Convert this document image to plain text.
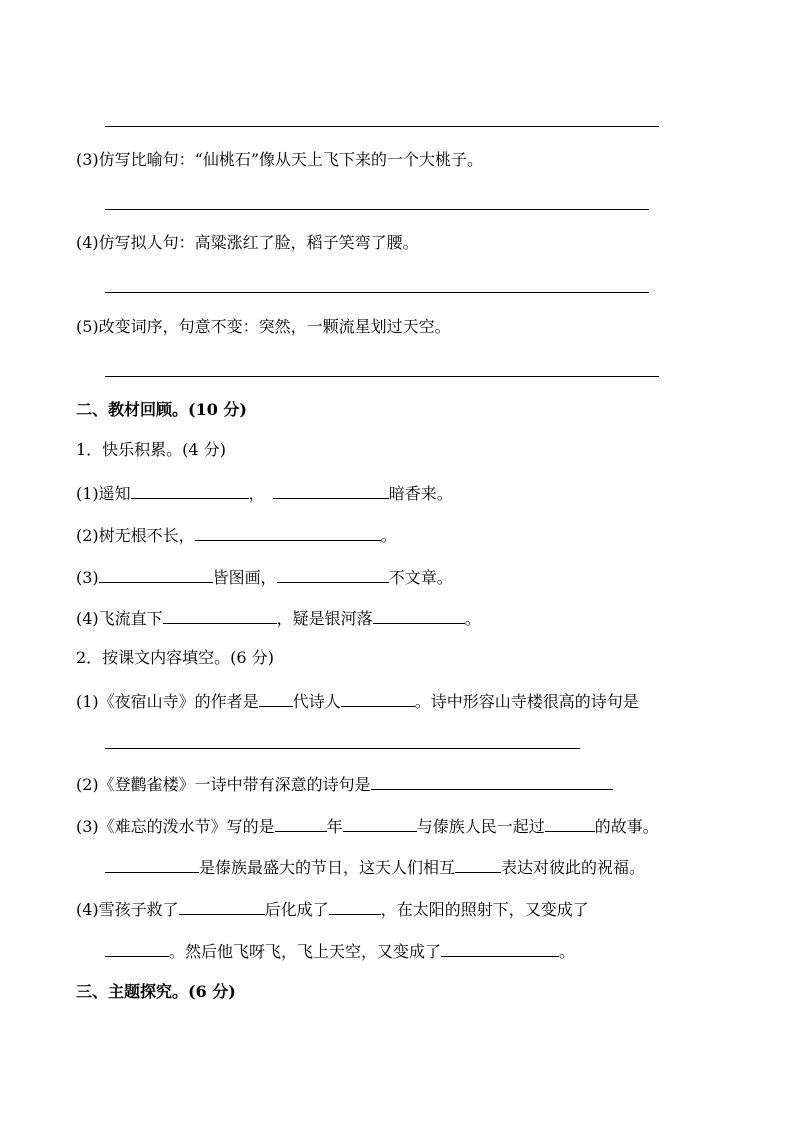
(3)仿写比喻句：“仙桃石”像从天上飞下来的一个大桃子。
(4)仿写拟人句：高粱涨红了脸，稻子笑弯了腰。
(5)改变词序，句意不变：突然，一颗流星划过天空。
二、教材回顾。(10 分)
1．快乐积累。(4 分)
(1)遥知	，	暗香来。
(2)树无根不长，	。
(3)	皆图画，	不文章。
(4)飞流直下	，疑是银河落	。
2．按课文内容填空。(6 分)
(1)《夜宿山寺》的作者是 代诗人	。诗中形容山寺楼很高的诗句是
(2)《登鹳雀楼》一诗中带有深意的诗句是
(3)《难忘的泼水节》写的是	年	与傣族人民一起过	的故事。
是傣族最盛大的节日，这天人们相互	表达对彼此的祝福。
(4)雪孩子救了	后化成了	，在太阳的照射下，又变成了
。然后他飞呀飞，飞上天空，又变成了	。
三、主题探究。(6 分)
